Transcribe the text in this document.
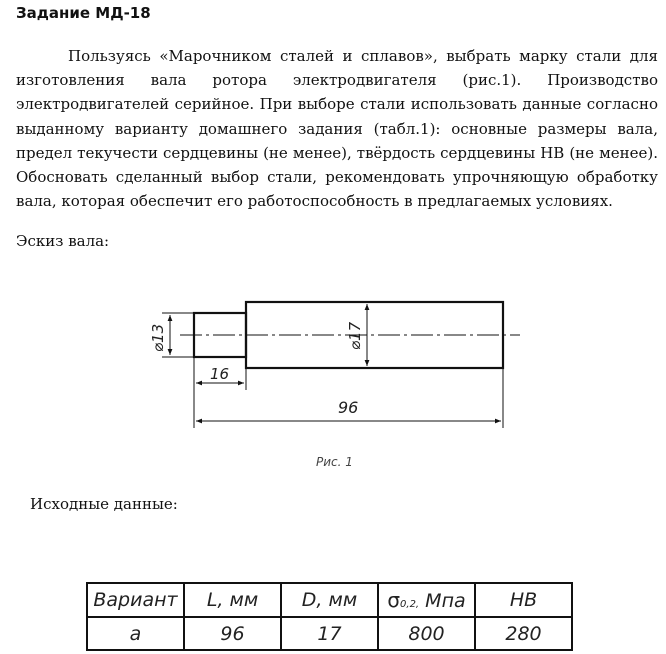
Задание МД-18
Пользуясь «Марочником сталей и сплавов», выбрать марку стали для изготовления вала ротора электродвигателя (рис.1). Производство электродвигателей серийное. При выборе стали использовать данные согласно выданному варианту домашнего задания (табл.1): основные размеры вала, предел текучести сердцевины (не менее), твёрдость сердцевины НВ (не менее). Обосновать сделанный выбор стали, рекомендовать упрочняющую обработку вала, которая обеспечит его работоспособность в предлагаемых условиях.
Эскиз вала:
⌀13	⌀17
16
96
Рис. 1
Исходные данные:
Вариант	L, мм	D, мм	σ0,2, Мпа	НВ
а	96	17	800	280
